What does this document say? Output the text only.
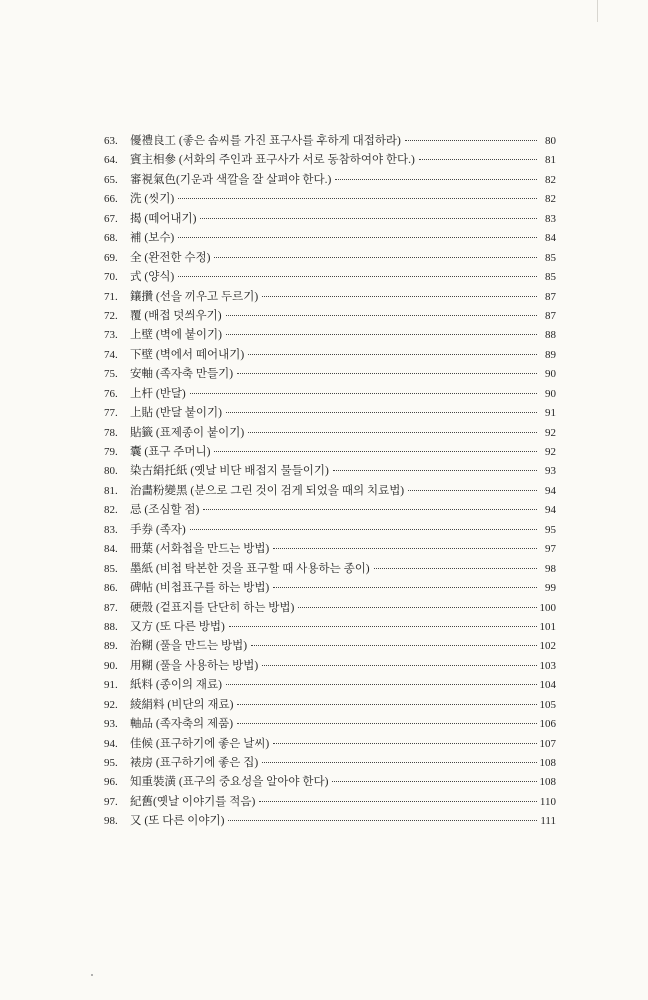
63.	優禮良工 (좋은 솜씨를 가진 표구사를 후하게 대접하라)	80
64.	賓主相參 (서화의 주인과 표구사가 서로 동참하여야 한다.)	81
65.	審視氣色(기운과 색깔을 잘 살펴야 한다.)	82
66.	洗 (씻기)	82
67.	揭 (떼어내기)	83
68.	補 (보수)	84
69.	全 (완전한 수정)	85
70.	式 (양식)	85
71.	鑲攢 (선을 끼우고 두르기)	87
72.	覆 (배접 덧씌우기)	87
73.	上壁 (벽에 붙이기)	88
74.	下壁 (벽에서 떼어내기)	89
75.	安軸 (족자축 만들기)	90
76.	上杆 (반달)	90
77.	上貼 (반달 붙이기)	91
78.	貼籤 (표제종이 붙이기)	92
79.	囊 (표구 주머니)	92
80.	染古絹托紙 (옛날 비단 배접지 물들이기)	93
81.	治畵粉變黑 (분으로 그린 것이 검게 되었을 때의 치료법)	94
82.	忌 (조심할 점)	94
83.	手券 (족자)	95
84.	冊葉 (서화첩을 만드는 방법)	97
85.	墨紙 (비첩 탁본한 것을 표구할 때 사용하는 종이)	98
86.	碑帖 (비첩표구를 하는 방법)	99
87.	硬殼 (겉표지를 단단히 하는 방법)	100
88.	又方 (또 다른 방법)	101
89.	治糊 (풀을 만드는 방법)	102
90.	用糊 (풀을 사용하는 방법)	103
91.	紙料 (종이의 재료)	104
92.	綾絹料 (비단의 재료)	105
93.	軸品 (족자축의 제품)	106
94.	佳候 (표구하기에 좋은 날씨)	107
95.	裱房 (표구하기에 좋은 집)	108
96.	知重裝潢 (표구의 중요성을 알아야 한다)	108
97.	紀舊(옛날 이야기를 적음)	110
98.	又 (또 다른 이야기)	111
